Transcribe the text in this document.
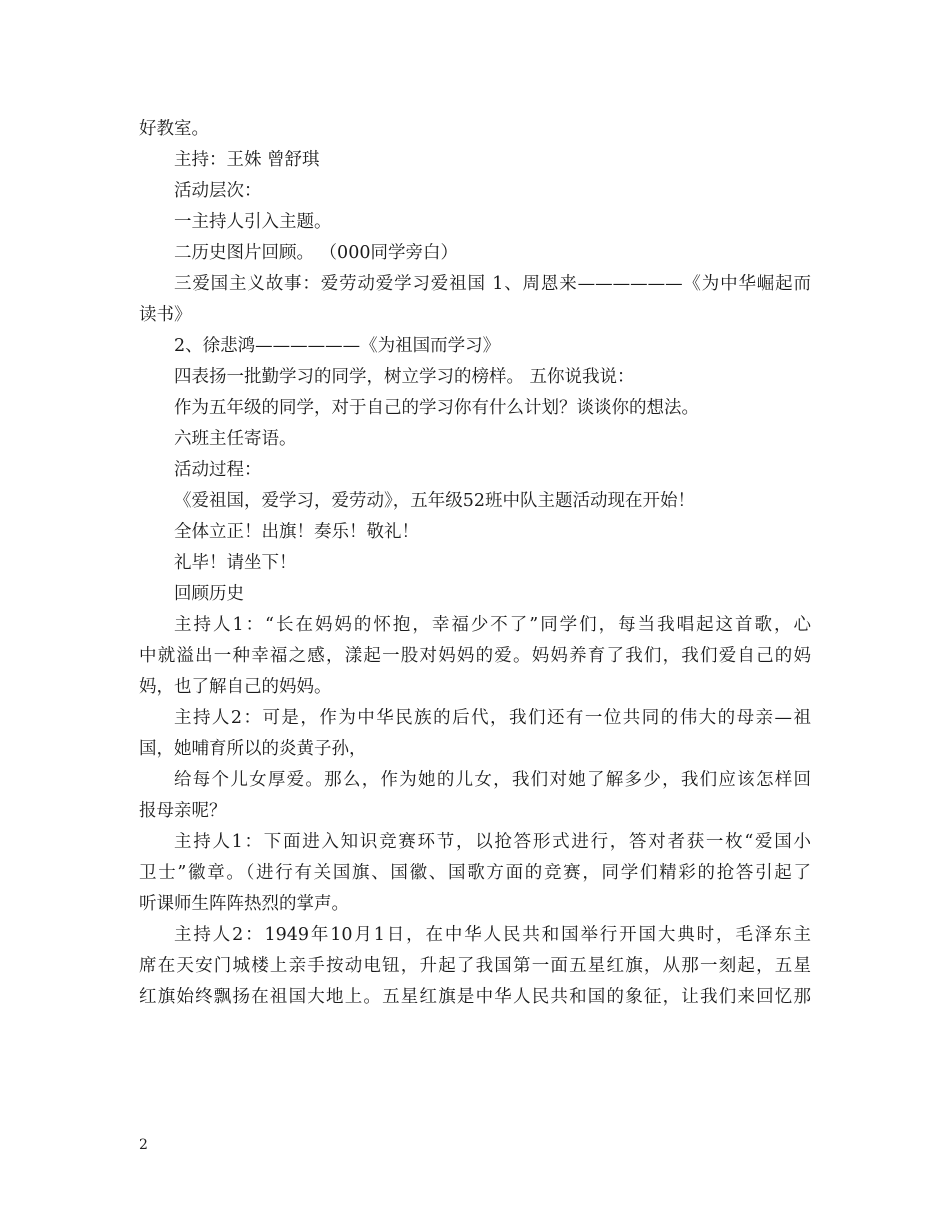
好教室。
主持：王姝 曾舒琪
活动层次：
一主持人引入主题。
二历史图片回顾。 （000同学旁白）
三爱国主义故事：爱劳动爱学习爱祖国 1、周恩来——————《为中华崛起而
读书》
2、徐悲鸿——————《为祖国而学习》
四表扬一批勤学习的同学，树立学习的榜样。 五你说我说：
作为五年级的同学，对于自己的学习你有什么计划？谈谈你的想法。
六班主任寄语。
活动过程：
《爱祖国，爱学习，爱劳动》，五年级52班中队主题活动现在开始！
全体立正！出旗！奏乐！敬礼！
礼毕！请坐下！
回顾历史
主持人1：“长在妈妈的怀抱，幸福少不了”同学们，每当我唱起这首歌，心
中就溢出一种幸福之感，漾起一股对妈妈的爱。妈妈养育了我们，我们爱自己的妈
妈，也了解自己的妈妈。
主持人2：可是，作为中华民族的后代，我们还有一位共同的伟大的母亲—祖
国，她哺育所以的炎黄子孙，
给每个儿女厚爱。那么，作为她的儿女，我们对她了解多少，我们应该怎样回
报母亲呢？
主持人1：下面进入知识竞赛环节，以抢答形式进行，答对者获一枚“爱国小
卫士”徽章。（进行有关国旗、国徽、国歌方面的竞赛，同学们精彩的抢答引起了
听课师生阵阵热烈的掌声。
主持人2：1949年10月1日，在中华人民共和国举行开国大典时，毛泽东主
席在天安门城楼上亲手按动电钮，升起了我国第一面五星红旗，从那一刻起，五星
红旗始终飘扬在祖国大地上。五星红旗是中华人民共和国的象征，让我们来回忆那
2
